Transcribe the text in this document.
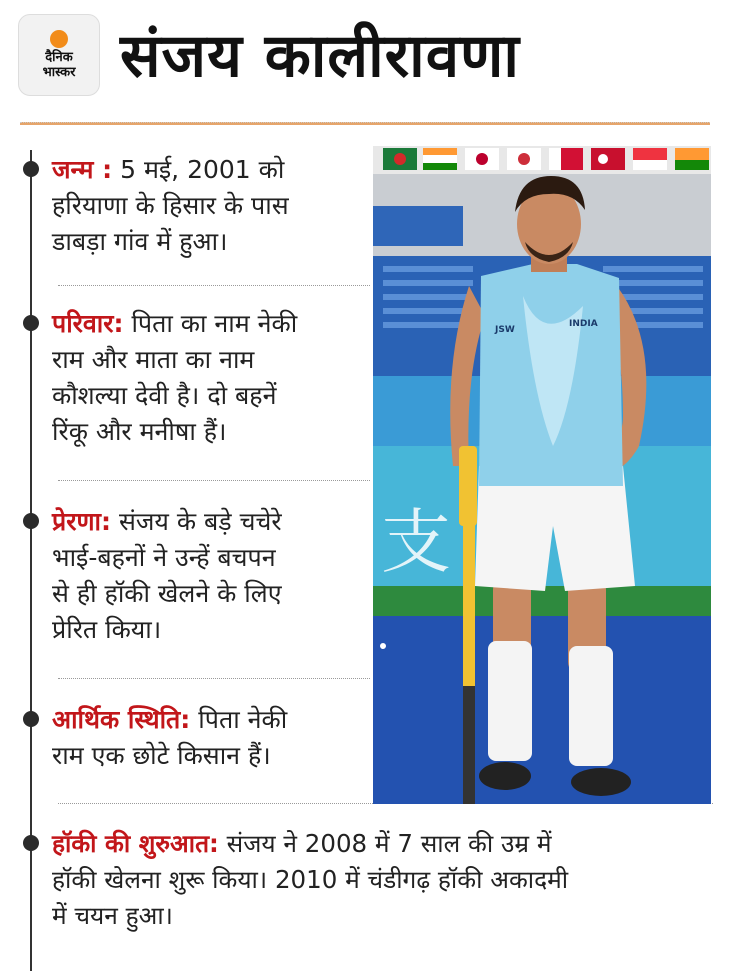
दैनिक
भास्कर संजय कालीरावणा
जन्म : 5 मई, 2001 को
हरियाणा के हिसार के पास
डाबड़ा गांव में हुआ।
परिवार: पिता का नाम नेकी
राम और माता का नाम
कौशल्या देवी है। दो बहनें
रिंकू और मनीषा हैं।
प्रेरणा: संजय के बड़े चचेरे
भाई-बहनों ने उन्हें बचपन
से ही हॉकी खेलने के लिए
प्रेरित किया।
आर्थिक स्थिति: पिता नेकी
राम एक छोटे किसान हैं।
हॉकी की शुरुआत: संजय ने 2008 में 7 साल की उम्र में
हॉकी खेलना शुरू किया। 2010 में चंडीगढ़ हॉकी अकादमी
में चयन हुआ।
支
INDIA
JSW
